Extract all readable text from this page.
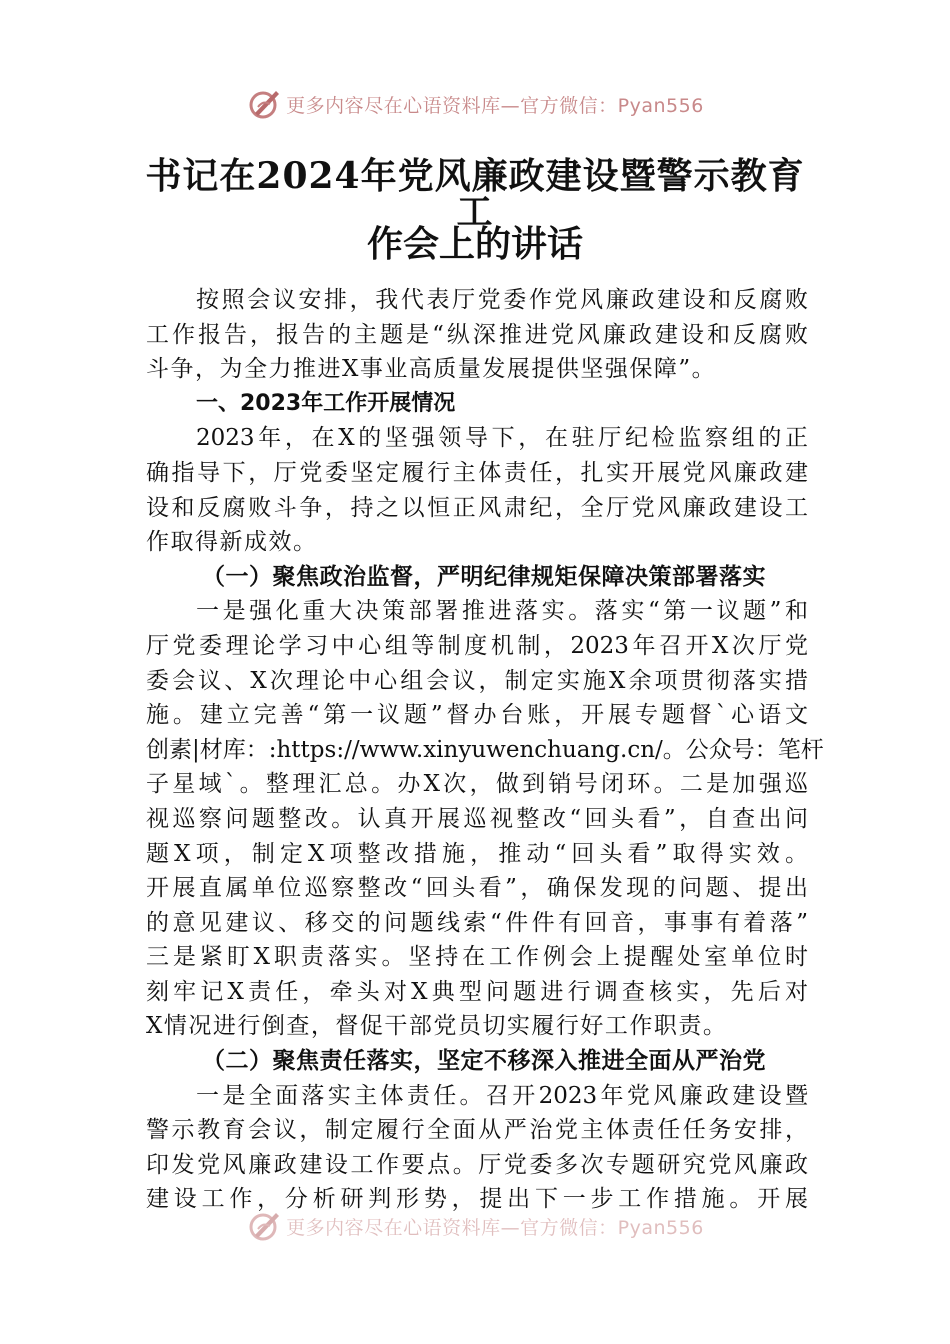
更多内容尽在心语资料库—官方微信：Pyan556
书记在2024年党风廉政建设暨警示教育工
作会上的讲话
按照会议安排，我代表厅党委作党风廉政建设和反腐败
工作报告，报告的主题是“纵深推进党风廉政建设和反腐败
斗争，为全力推进X事业高质量发展提供坚强保障”。
一、2023年工作开展情况
2023年，在X的坚强领导下，在驻厅纪检监察组的正
确指导下，厅党委坚定履行主体责任，扎实开展党风廉政建
设和反腐败斗争，持之以恒正风肃纪，全厅党风廉政建设工
作取得新成效。
（一）聚焦政治监督，严明纪律规矩保障决策部署落实
一是强化重大决策部署推进落实。落实“第一议题”和
厅党委理论学习中心组等制度机制，2023年召开X次厅党
委会议、X次理论中心组会议，制定实施X余项贯彻落实措
施。建立完善“第一议题”督办台账，开展专题督`心语文
创素|材库：:https://www.xinyuwenchuang.cn/。公众号：笔杆
子星域`。整理汇总。办X次，做到销号闭环。二是加强巡
视巡察问题整改。认真开展巡视整改“回头看”，自查出问
题X项，制定X项整改措施，推动“回头看”取得实效。
开展直属单位巡察整改“回头看”，确保发现的问题、提出
的意见建议、移交的问题线索“件件有回音，事事有着落”
三是紧盯X职责落实。坚持在工作例会上提醒处室单位时
刻牢记X责任，牵头对X典型问题进行调查核实，先后对
X情况进行倒查，督促干部党员切实履行好工作职责。
（二）聚焦责任落实，坚定不移深入推进全面从严治党
一是全面落实主体责任。召开2023年党风廉政建设暨
警示教育会议，制定履行全面从严治党主体责任任务安排，
印发党风廉政建设工作要点。厅党委多次专题研究党风廉政
建设工作，分析研判形势，提出下一步工作措施。开展
更多内容尽在心语资料库—官方微信：Pyan556
